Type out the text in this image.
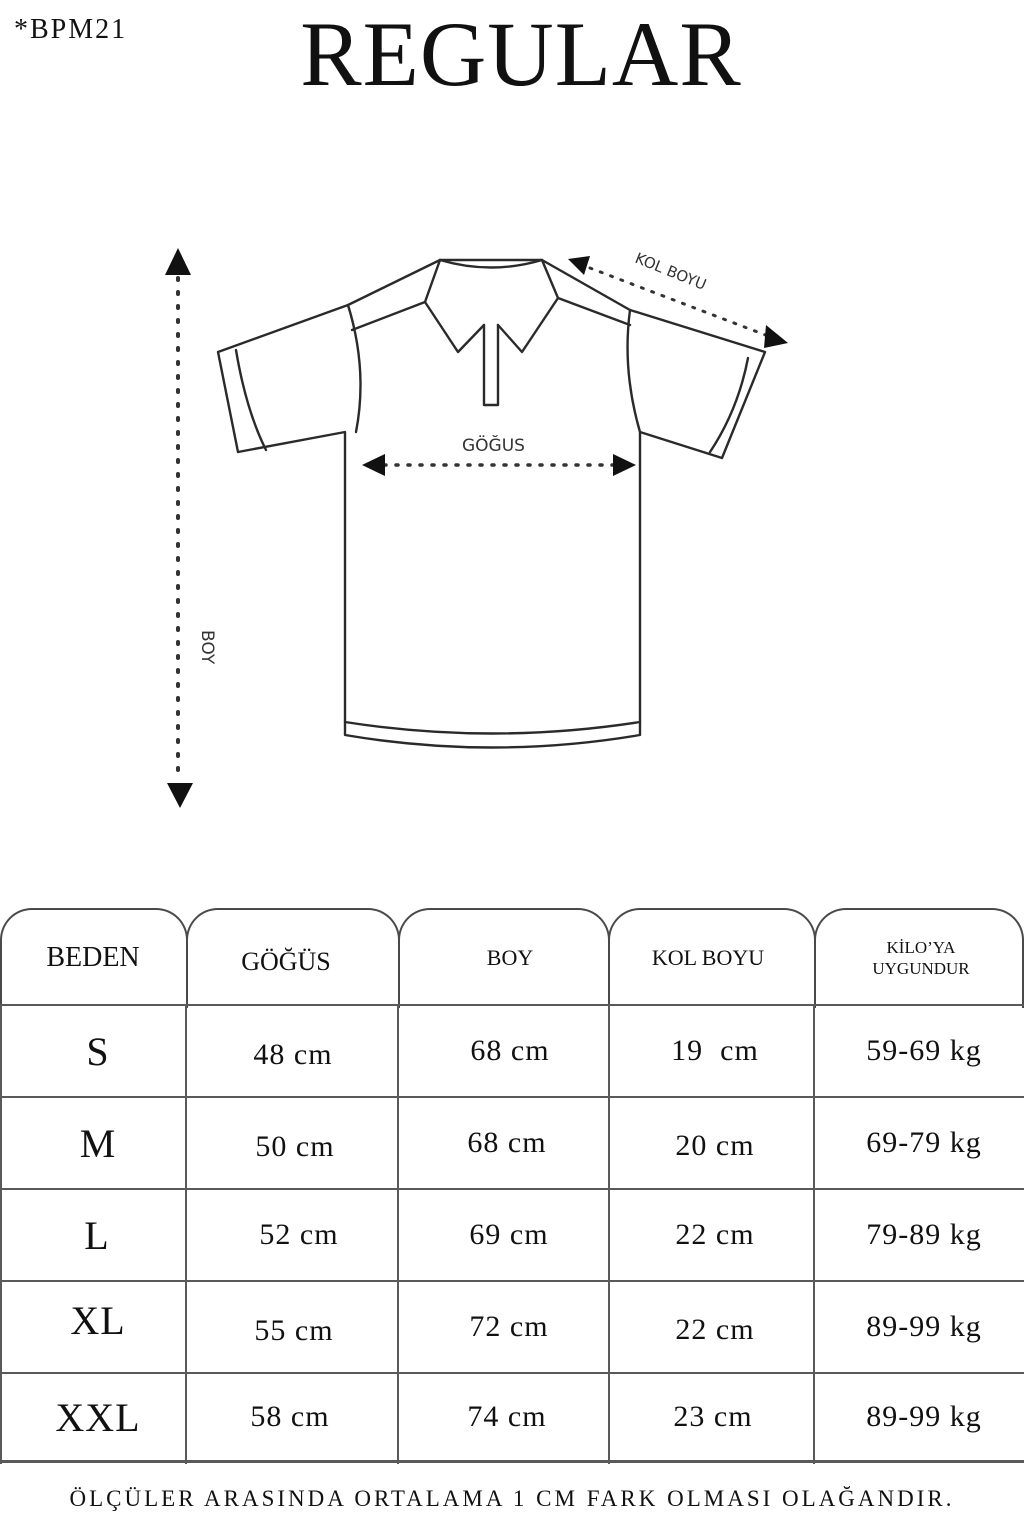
*BPM21	REGULAR
BOY
GÖĞUS
KOL BOYU
BEDEN	GÖĞÜS	BOY	KOL BOYU	KİLO’YA
UYGUNDUR
S	48 cm	68 cm	19  cm	59-69 kg
M	50 cm	68 cm	20 cm	69-79 kg
L	52 cm	69 cm	22 cm	79-89 kg
XL	55 cm	72 cm	22 cm	89-99 kg
XXL	58 cm	74 cm	23 cm	89-99 kg
ÖLÇÜLER ARASINDA ORTALAMA 1 CM FARK OLMASI OLAĞANDIR.
